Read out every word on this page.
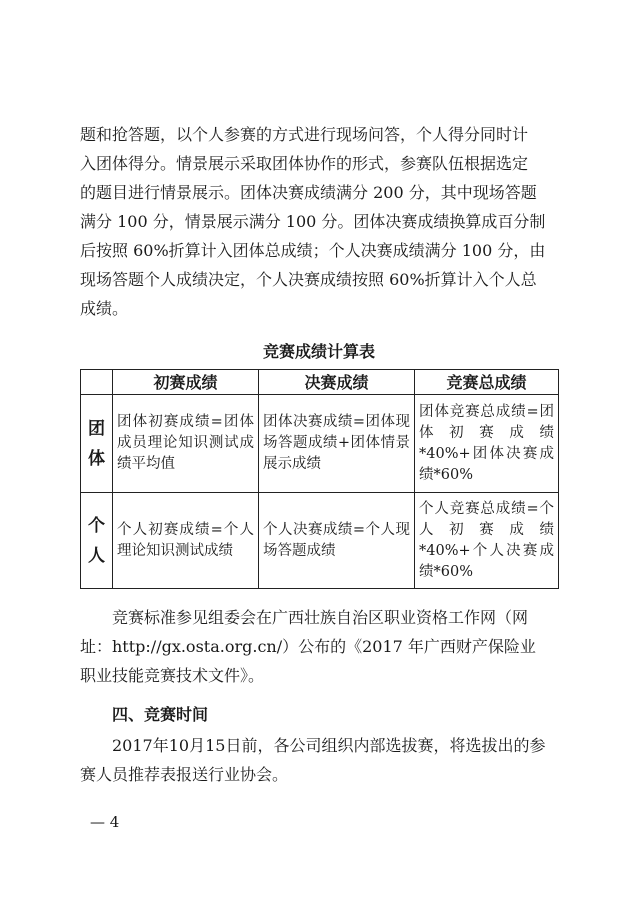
题和抢答题，以个人参赛的方式进行现场问答，个人得分同时计

入团体得分。情景展示采取团体协作的形式，参赛队伍根据选定

的题目进行情景展示。团体决赛成绩满分 200 分，其中现场答题

满分 100 分，情景展示满分 100 分。团体决赛成绩换算成百分制

后按照 60%折算计入团体总成绩；个人决赛成绩满分 100 分，由

现场答题个人成绩决定，个人决赛成绩按照 60%折算计入个人总

成绩。

竞赛成绩计算表
	初赛成绩	决赛成绩	竞赛总成绩

团体	团体初赛成绩=团体成员理论知识测试成绩平均值	团体决赛成绩=团体现场答题成绩+团体情景展示成绩	团体竞赛总成绩=团体初赛成绩*40%+团体决赛成绩*60%

个人	个人初赛成绩=个人理论知识测试成绩	个人决赛成绩=个人现场答题成绩	个人竞赛总成绩=个人初赛成绩*40%+个人决赛成绩*60%

竞赛标准参见组委会在广西壮族自治区职业资格工作网（网

址：http://gx.osta.org.cn/）公布的《2017 年广西财产保险业

职业技能竞赛技术文件》。

四、竞赛时间

2017年10月15日前，各公司组织内部选拔赛，将选拔出的参

赛人员推荐表报送行业协会。

— 4
